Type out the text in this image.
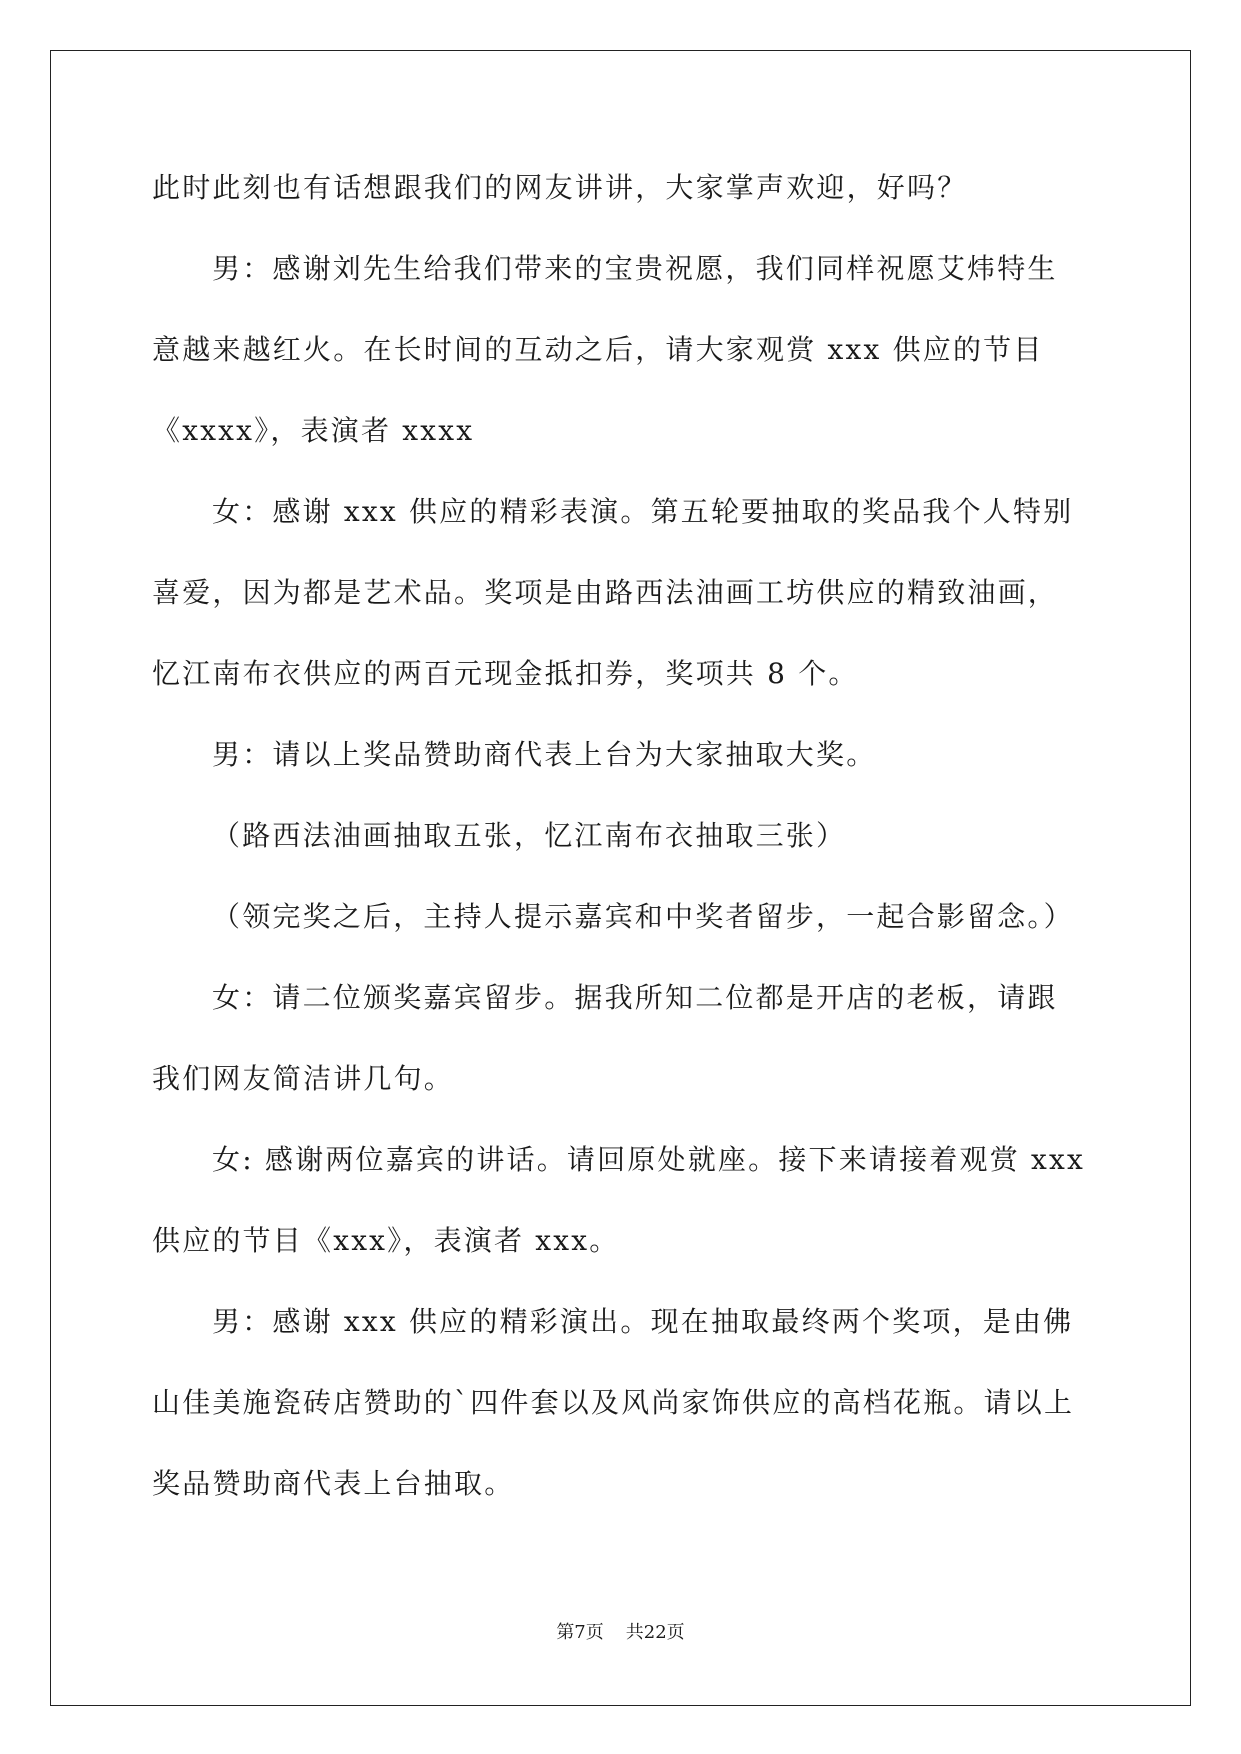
此时此刻也有话想跟我们的网友讲讲，大家掌声欢迎，好吗？
男：感谢刘先生给我们带来的宝贵祝愿，我们同样祝愿艾炜特生
意越来越红火。在长时间的互动之后，请大家观赏 xxx 供应的节目
《xxxx》，表演者 xxxx
女：感谢 xxx 供应的精彩表演。第五轮要抽取的奖品我个人特别
喜爱，因为都是艺术品。奖项是由路西法油画工坊供应的精致油画，
忆江南布衣供应的两百元现金抵扣券，奖项共 8 个。
男：请以上奖品赞助商代表上台为大家抽取大奖。
（路西法油画抽取五张，忆江南布衣抽取三张）
（领完奖之后，主持人提示嘉宾和中奖者留步，一起合影留念。）
女：请二位颁奖嘉宾留步。据我所知二位都是开店的老板，请跟
我们网友简洁讲几句。
女: 感谢两位嘉宾的讲话。请回原处就座。接下来请接着观赏 xxx
供应的节目《xxx》，表演者 xxx。
男：感谢 xxx 供应的精彩演出。现在抽取最终两个奖项，是由佛
山佳美施瓷砖店赞助的`四件套以及风尚家饰供应的高档花瓶。请以上
奖品赞助商代表上台抽取。
第7页 共22页
